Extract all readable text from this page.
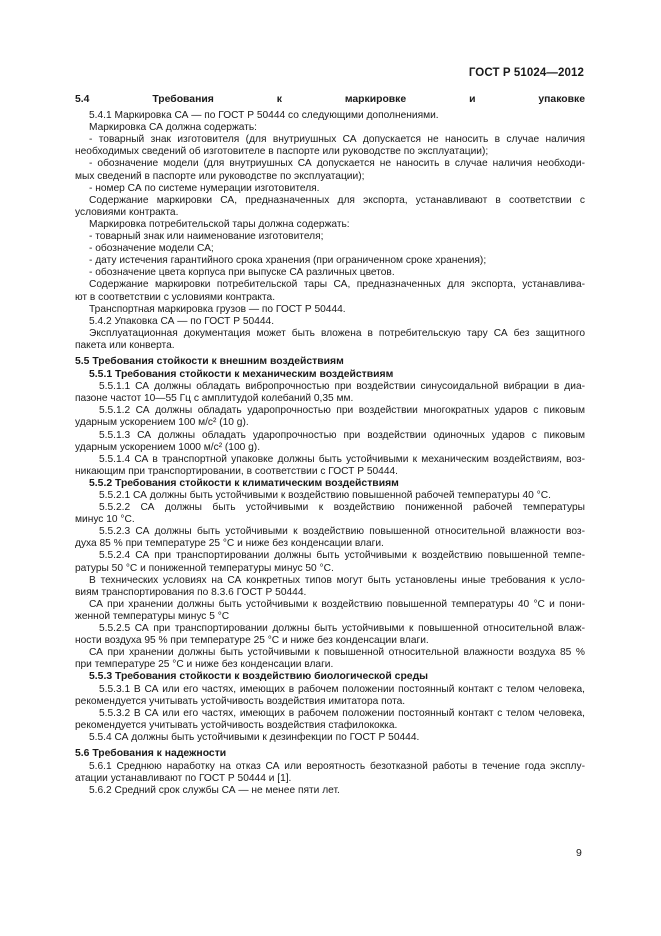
ГОСТ Р 51024—2012
5.4 Требования к маркировке и упаковке
5.4.1 Маркировка СА — по ГОСТ Р 50444 со следующими дополнениями.
Маркировка СА должна содержать:
- товарный знак изготовителя (для внутриушных СА допускается не наносить в случае наличия
необходимых сведений об изготовителе в паспорте или руководстве по эксплуатации);
- обозначение модели (для внутриушных СА допускается не наносить в случае наличия необходи-
мых сведений в паспорте или руководстве по эксплуатации);
- номер СА по системе нумерации изготовителя.
Содержание маркировки СА, предназначенных для экспорта, устанавливают в соответствии с
условиями контракта.
Маркировка потребительской тары должна содержать:
- товарный знак или наименование изготовителя;
- обозначение модели СА;
- дату истечения гарантийного срока хранения (при ограниченном сроке хранения);
- обозначение цвета корпуса при выпуске СА различных цветов.
Содержание маркировки потребительской тары СА, предназначенных для экспорта, устанавлива-
ют в соответствии с условиями контракта.
Транспортная маркировка грузов — по ГОСТ Р 50444.
5.4.2 Упаковка СА — по ГОСТ Р 50444.
Эксплуатационная документация может быть вложена в потребительскую тару СА без защитного
пакета или конверта.
5.5 Требования стойкости к внешним воздействиям
5.5.1 Требования стойкости к механическим воздействиям
5.5.1.1 СА должны обладать вибропрочностью при воздействии синусоидальной вибрации в диа-
пазоне частот 10—55 Гц с амплитудой колебаний 0,35 мм.
5.5.1.2 СА должны обладать ударопрочностью при воздействии многократных ударов с пиковым
ударным ускорением 100 м/с² (10 g).
5.5.1.3 СА должны обладать ударопрочностью при воздействии одиночных ударов с пиковым
ударным ускорением 1000 м/с² (100 g).
5.5.1.4 СА в транспортной упаковке должны быть устойчивыми к механическим воздействиям, воз-
никающим при транспортировании, в соответствии с ГОСТ Р 50444.
5.5.2 Требования стойкости к климатическим воздействиям
5.5.2.1 СА должны быть устойчивыми к воздействию повышенной рабочей температуры 40 °С.
5.5.2.2 СА должны быть устойчивыми к воздействию пониженной рабочей температуры
минус 10 °С.
5.5.2.3 СА должны быть устойчивыми к воздействию повышенной относительной влажности воз-
духа 85 % при температуре 25 °С и ниже без конденсации влаги.
5.5.2.4 СА при транспортировании должны быть устойчивыми к воздействию повышенной темпе-
ратуры 50 °С и пониженной температуры минус 50 °С.
В технических условиях на СА конкретных типов могут быть установлены иные требования к усло-
виям транспортирования по 8.3.6 ГОСТ Р 50444.
СА при хранении должны быть устойчивыми к воздействию повышенной температуры 40 °С и пони-
женной температуры минус 5 °С
5.5.2.5 СА при транспортировании должны быть устойчивыми к повышенной относительной влаж-
ности воздуха 95 % при температуре 25 °С и ниже без конденсации влаги.
СА при хранении должны быть устойчивыми к повышенной относительной влажности воздуха 85 %
при температуре 25 °С и ниже без конденсации влаги.
5.5.3 Требования стойкости к воздействию биологической среды
5.5.3.1 В СА или его частях, имеющих в рабочем положении постоянный контакт с телом человека,
рекомендуется учитывать устойчивость воздействия имитатора пота.
5.5.3.2 В СА или его частях, имеющих в рабочем положении постоянный контакт с телом человека,
рекомендуется учитывать устойчивость воздействия стафилококка.
5.5.4 СА должны быть устойчивыми к дезинфекции по ГОСТ Р 50444.
5.6 Требования к надежности
5.6.1 Среднюю наработку на отказ СА или вероятность безотказной работы в течение года эксплу-
атации устанавливают по ГОСТ Р 50444 и [1].
5.6.2 Средний срок службы СА — не менее пяти лет.
9
